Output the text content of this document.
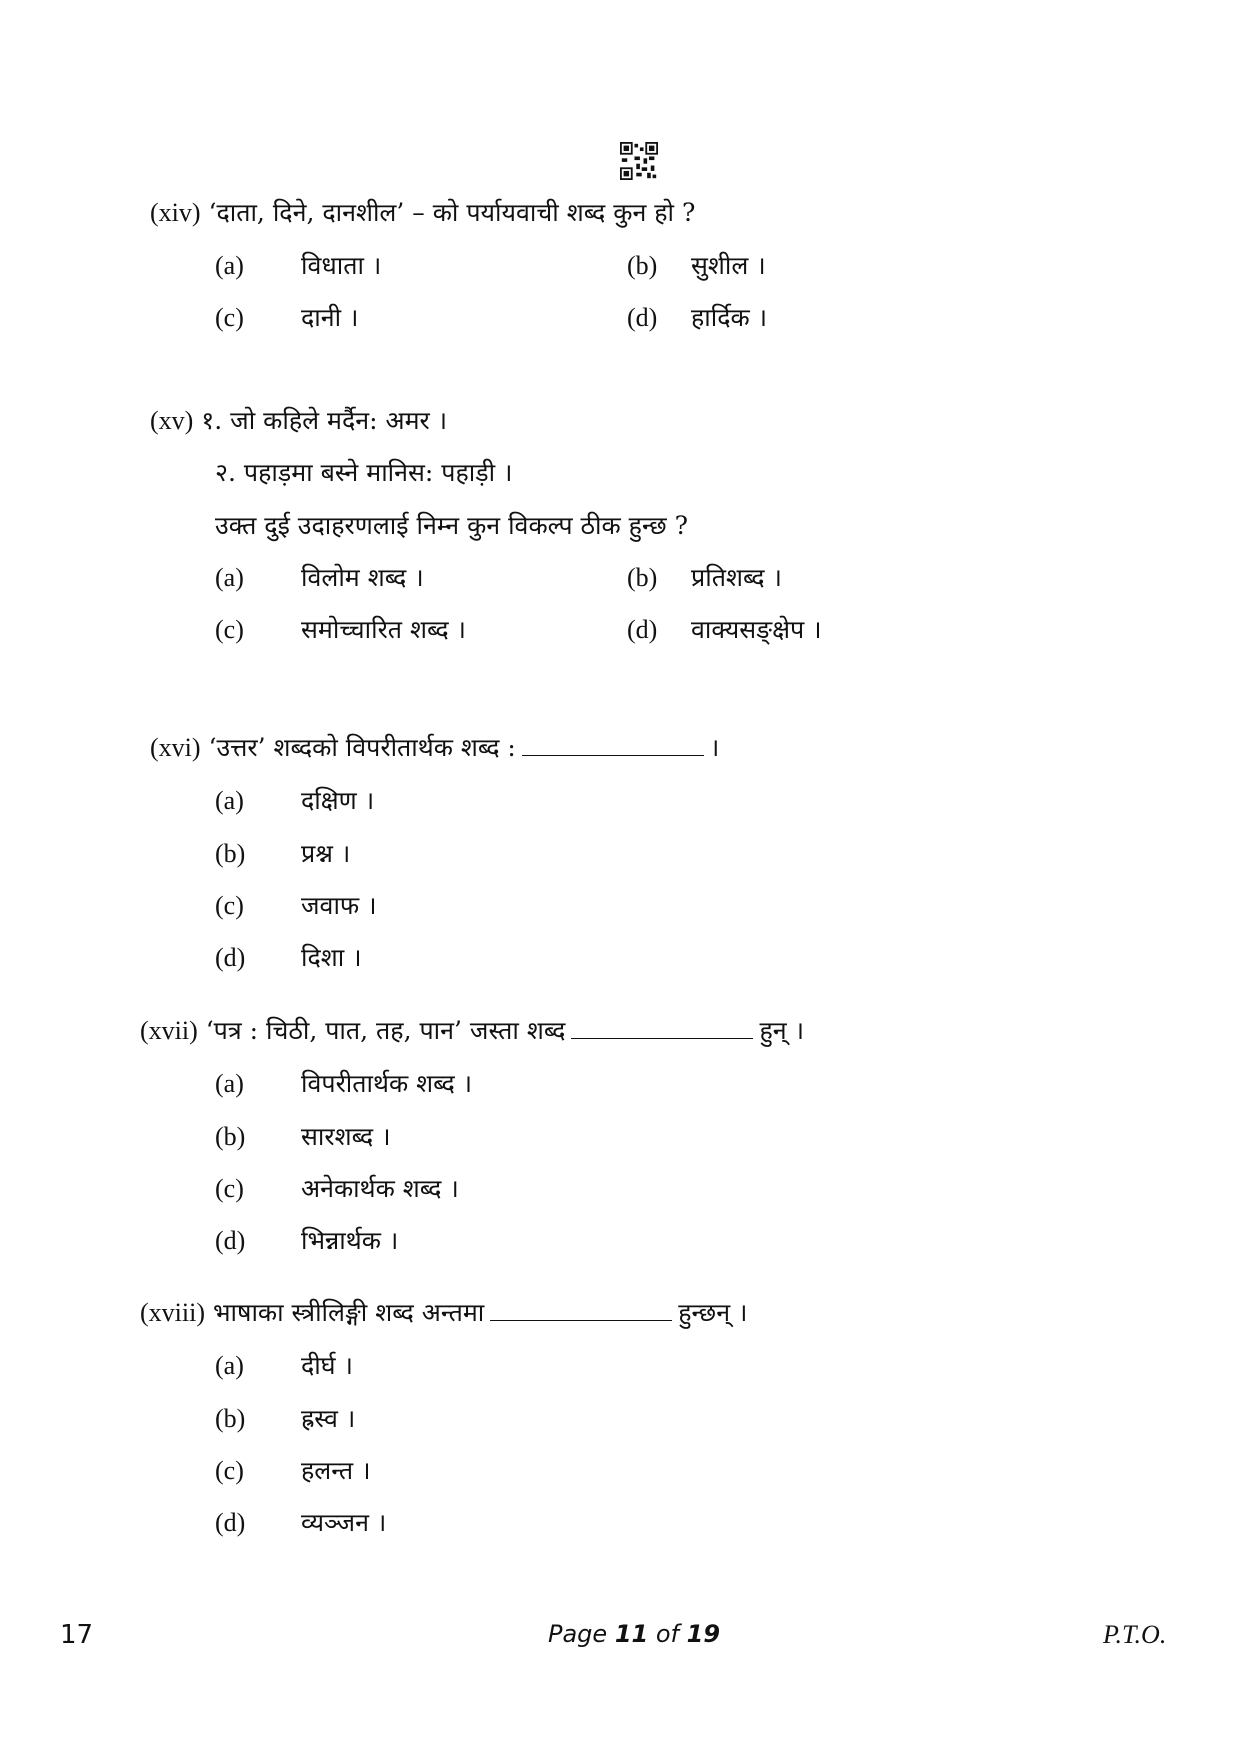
(xiv) ‘दाता, दिने, दानशील’ – को पर्यायवाची शब्द कुन हो ?
(a) विधाता ।	(b) सुशील ।
(c) दानी ।	(d) हार्दिक ।
(xv) १. जो कहिले मर्दैन: अमर ।
२. पहाड़मा बस्ने मानिस: पहाड़ी ।
उक्त दुई उदाहरणलाई निम्न कुन विकल्प ठीक हुन्छ ?
(a) विलोम शब्द ।	(b) प्रतिशब्द ।
(c) समोच्चारित शब्द ।	(d) वाक्यसङ्क्षेप ।
(xvi) ‘उत्तर’ शब्दको विपरीतार्थक शब्द :	।
(a) दक्षिण ।
(b) प्रश्न ।
(c) जवाफ ।
(d) दिशा ।
(xvii) ‘पत्र : चिठी, पात, तह, पान’ जस्ता शब्द	हुन् ।
(a) विपरीतार्थक शब्द ।
(b) सारशब्द ।
(c) अनेकार्थक शब्द ।
(d) भिन्नार्थक ।
(xviii) भाषाका स्त्रीलिङ्गी शब्द अन्तमा	हुन्छन् ।
(a) दीर्घ ।
(b) ह्रस्व ।
(c) हलन्त ।
(d) व्यञ्जन ।
17	Page 11 of 19	P.T.O.
